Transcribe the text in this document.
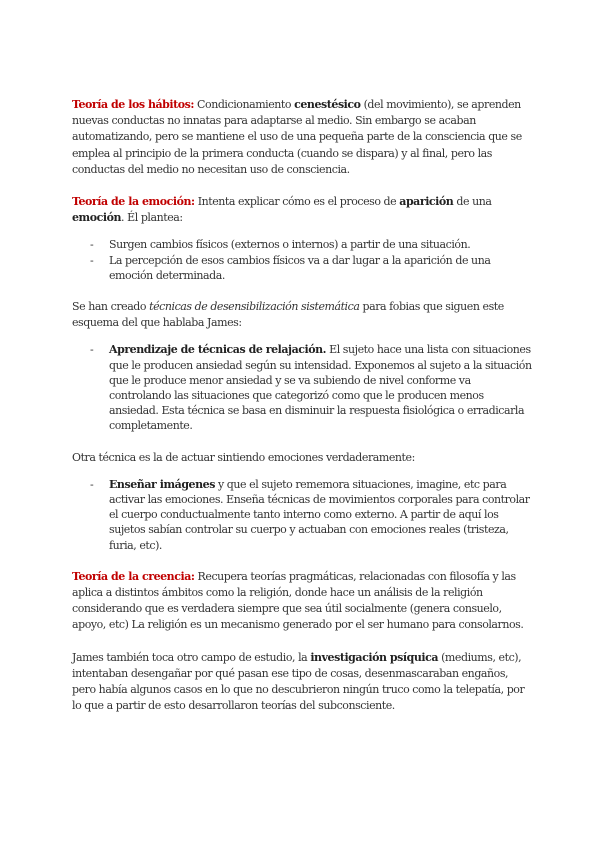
Teoría de los hábitos: Condicionamiento cenestésico (del movimiento), se aprenden nuevas conductas no innatas para adaptarse al medio. Sin embargo se acaban automatizando, pero se mantiene el uso de una pequeña parte de la consciencia que se emplea al principio de la primera conducta (cuando se dispara) y al final, pero las conductas del medio no necesitan uso de consciencia.

Teoría de la emoción: Intenta explicar cómo es el proceso de aparición de una emoción. Él plantea:

- Surgen cambios físicos (externos o internos) a partir de una situación.
- La percepción de esos cambios físicos va a dar lugar a la aparición de una emoción determinada.

Se han creado técnicas de desensibilización sistemática para fobias que siguen este esquema del que hablaba James:

- Aprendizaje de técnicas de relajación. El sujeto hace una lista con situaciones que le producen ansiedad según su intensidad. Exponemos al sujeto a la situación que le produce menor ansiedad y se va subiendo de nivel conforme va controlando las situaciones que categorizó como que le producen menos ansiedad. Esta técnica se basa en disminuir la respuesta fisiológica o erradicarla completamente.

Otra técnica es la de actuar sintiendo emociones verdaderamente:

- Enseñar imágenes y que el sujeto rememora situaciones, imagine, etc para activar las emociones. Enseña técnicas de movimientos corporales para controlar el cuerpo conductualmente tanto interno como externo. A partir de aquí los sujetos sabían controlar su cuerpo y actuaban con emociones reales (tristeza, furia, etc).

Teoría de la creencia: Recupera teorías pragmáticas, relacionadas con filosofía y las aplica a distintos ámbitos como la religión, donde hace un análisis de la religión considerando que es verdadera siempre que sea útil socialmente (genera consuelo, apoyo, etc) La religión es un mecanismo generado por el ser humano para consolarnos.

James también toca otro campo de estudio, la investigación psíquica (mediums, etc), intentaban desengañar por qué pasan ese tipo de cosas, desenmascaraban engaños, pero había algunos casos en lo que no descubrieron ningún truco como la telepatía, por lo que a partir de esto desarrollaron teorías del subconsciente.
